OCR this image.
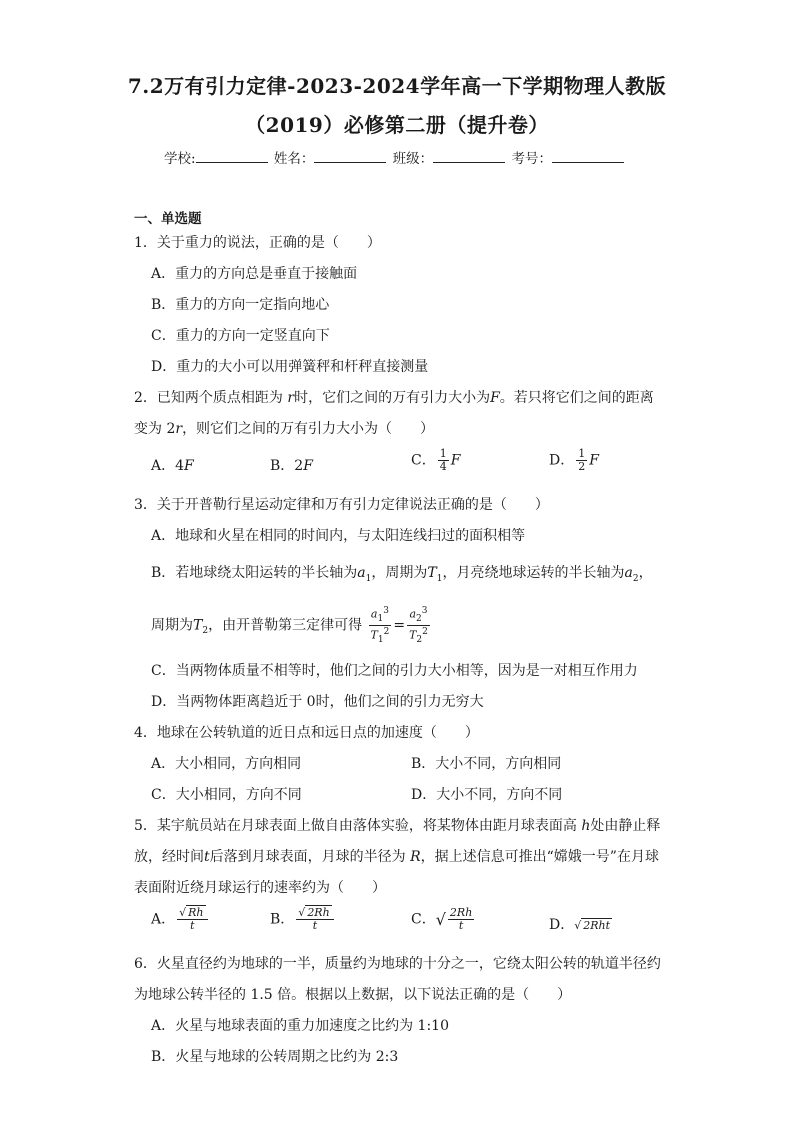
7.2万有引力定律-2023-2024学年高一下学期物理人教版
（2019）必修第二册（提升卷）
学校:	姓名：	班级：	考号：
一、单选题
1．关于重力的说法，正确的是（　　）
A．重力的方向总是垂直于接触面
B．重力的方向一定指向地心
C．重力的方向一定竖直向下
D．重力的大小可以用弹簧秤和杆秤直接测量
2．已知两个质点相距为 r时，它们之间的万有引力大小为F。若只将它们之间的距离
变为 2r，则它们之间的万有引力大小为（　　）
A．4F	B．2F	C． $\frac{1}{4}$ F	D． $\frac{1}{2}$ F
3．关于开普勒行星运动定律和万有引力定律说法正确的是（　　）
A．地球和火星在相同的时间内，与太阳连线扫过的面积相等
B．若地球绕太阳运转的半长轴为$a_1$，周期为$T_1$，月亮绕地球运转的半长轴为$a_2$，
周期为$T_2$，由开普勒第三定律可得 $\frac{a_1^3}{T_1^2} = \frac{a_2^3}{T_2^2}$
C．当两物体质量不相等时，他们之间的引力大小相等，因为是一对相互作用力
D．当两物体距离趋近于 0时，他们之间的引力无穷大
4．地球在公转轨道的近日点和远日点的加速度（　　）
A．大小相同，方向相同	B．大小不同，方向相同
C．大小相同，方向不同	D．大小不同，方向不同
5．某宇航员站在月球表面上做自由落体实验，将某物体由距月球表面高 h处由静止释
放，经时间t后落到月球表面，月球的半径为 R，据上述信息可推出“嫦娥一号”在月球
表面附近绕月球运行的速率约为（　　）
A． $\frac{√ Rh}{t}$	B． $\frac{√ 2Rh}{t}$	C．√ $\frac{2Rh}{t}$	D．√ 2Rht
6．火星直径约为地球的一半，质量约为地球的十分之一，它绕太阳公转的轨道半径约
为地球公转半径的 1.5 倍。根据以上数据，以下说法正确的是（　　）
A．火星与地球表面的重力加速度之比约为 1:10
B．火星与地球的公转周期之比约为 2:3
